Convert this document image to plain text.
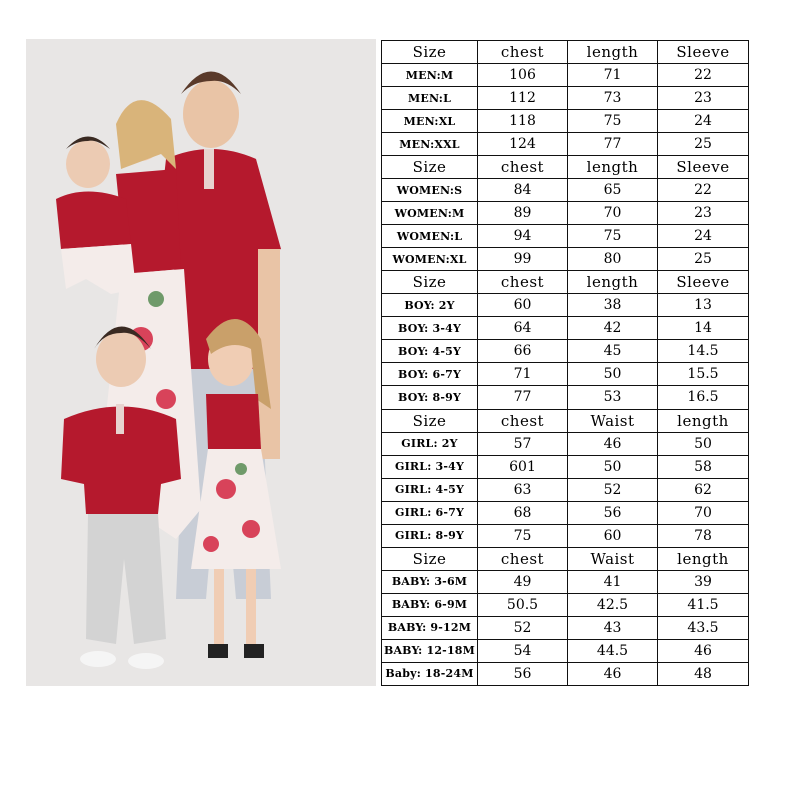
Size	chest	length	Sleeve
MEN:M	106	71	22
MEN:L	112	73	23
MEN:XL	118	75	24
MEN:XXL	124	77	25
Size	chest	length	Sleeve
WOMEN:S	84	65	22
WOMEN:M	89	70	23
WOMEN:L	94	75	24
WOMEN:XL	99	80	25
Size	chest	length	Sleeve
BOY: 2Y	60	38	13
BOY: 3-4Y	64	42	14
BOY: 4-5Y	66	45	14.5
BOY: 6-7Y	71	50	15.5
BOY: 8-9Y	77	53	16.5
Size	chest	Waist	length
GIRL: 2Y	57	46	50
GIRL: 3-4Y	601	50	58
GIRL: 4-5Y	63	52	62
GIRL: 6-7Y	68	56	70
GIRL: 8-9Y	75	60	78
Size	chest	Waist	length
BABY: 3-6M	49	41	39
BABY: 6-9M	50.5	42.5	41.5
BABY: 9-12M	52	43	43.5
BABY: 12-18M	54	44.5	46
Baby: 18-24M	56	46	48
